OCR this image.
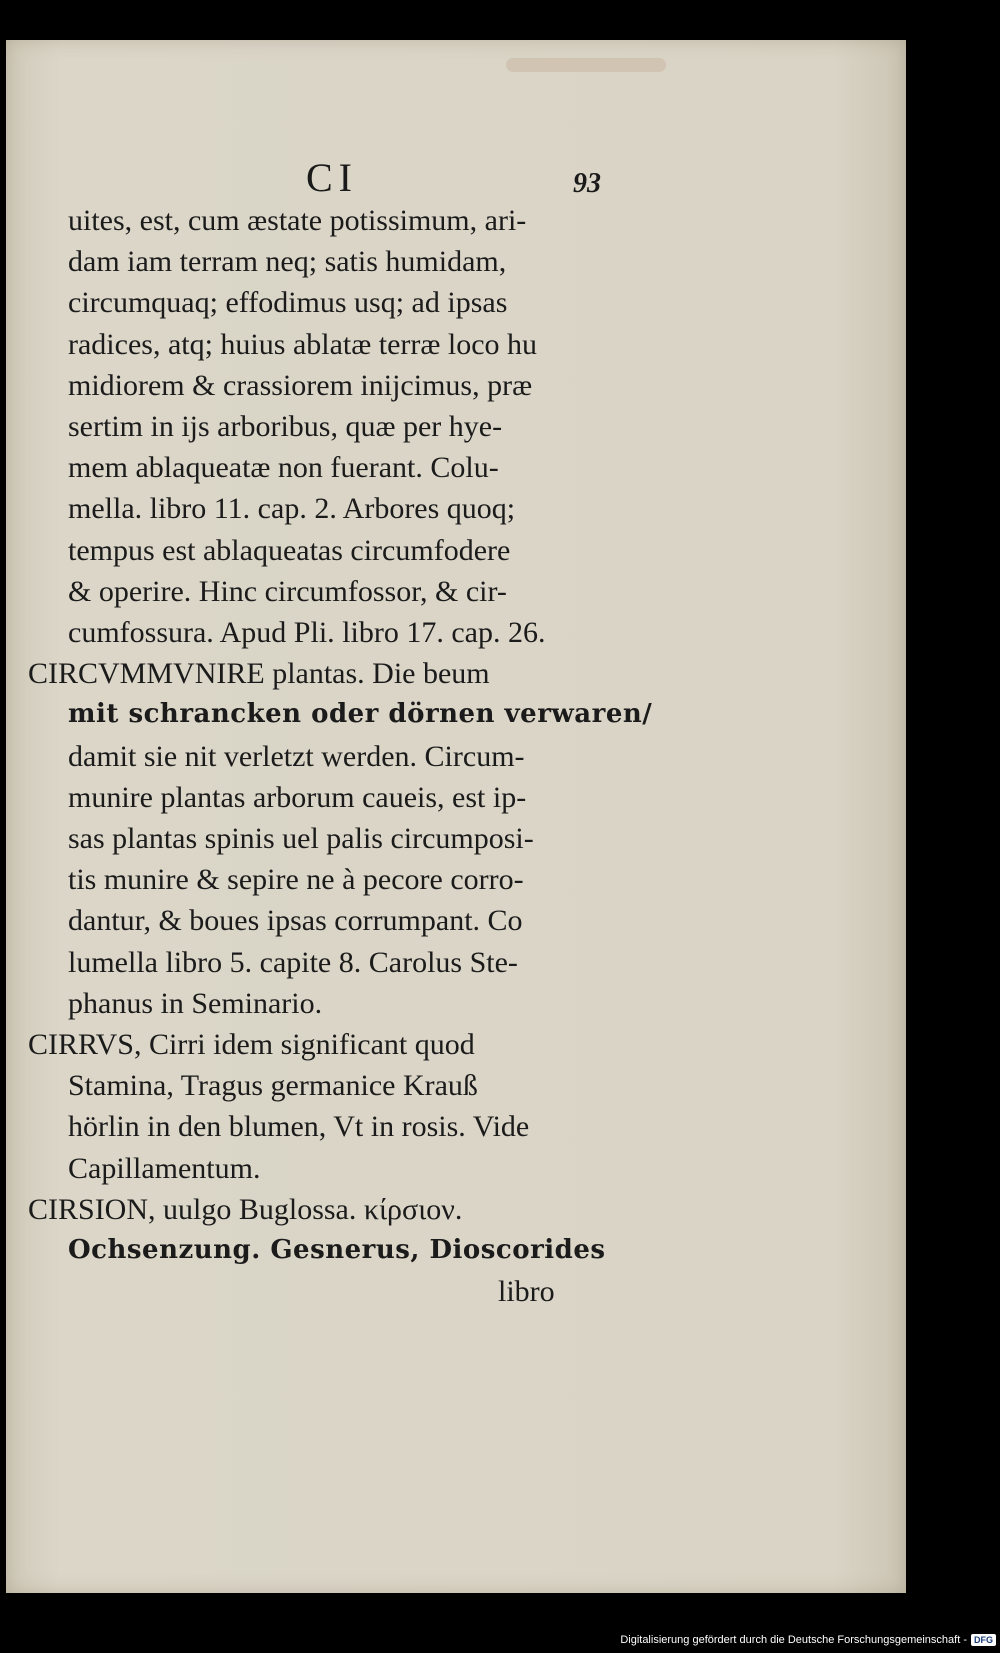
CI	93
uites, est, cum æstate potissimum, ari-
dam iam terram neq; satis humidam,
circumquaq; effodimus usq; ad ipsas
radices, atq; huius ablatæ terræ loco hu
midiorem & crassiorem inijcimus, præ
sertim in ijs arboribus, quæ per hye-
mem ablaqueatæ non fuerant. Colu-
mella. libro 11. cap. 2. Arbores quoq;
tempus est ablaqueatas circumfodere
& operire. Hinc circumfossor, & cir-
cumfossura. Apud Pli. libro 17. cap. 26.
CIRCVMMVNIRE plantas. Die beum
mit schrancken oder dörnen verwaren/
damit sie nit verletzt werden. Circum-
munire plantas arborum caueis, est ip-
sas plantas spinis uel palis circumposi-
tis munire & sepire ne à pecore corro-
dantur, & boues ipsas corrumpant. Co
lumella libro 5. capite 8. Carolus Ste-
phanus in Seminario.
CIRRVS, Cirri idem significant quod
Stamina, Tragus germanice Krauß
hörlin in den blumen, Vt in rosis. Vide
Capillamentum.
CIRSION, uulgo Buglossa. κίρσιον.
Ochsenzung. Gesnerus, Dioscorides
libro
Digitalisierung gefördert durch die Deutsche Forschungsgemeinschaft - DFG
